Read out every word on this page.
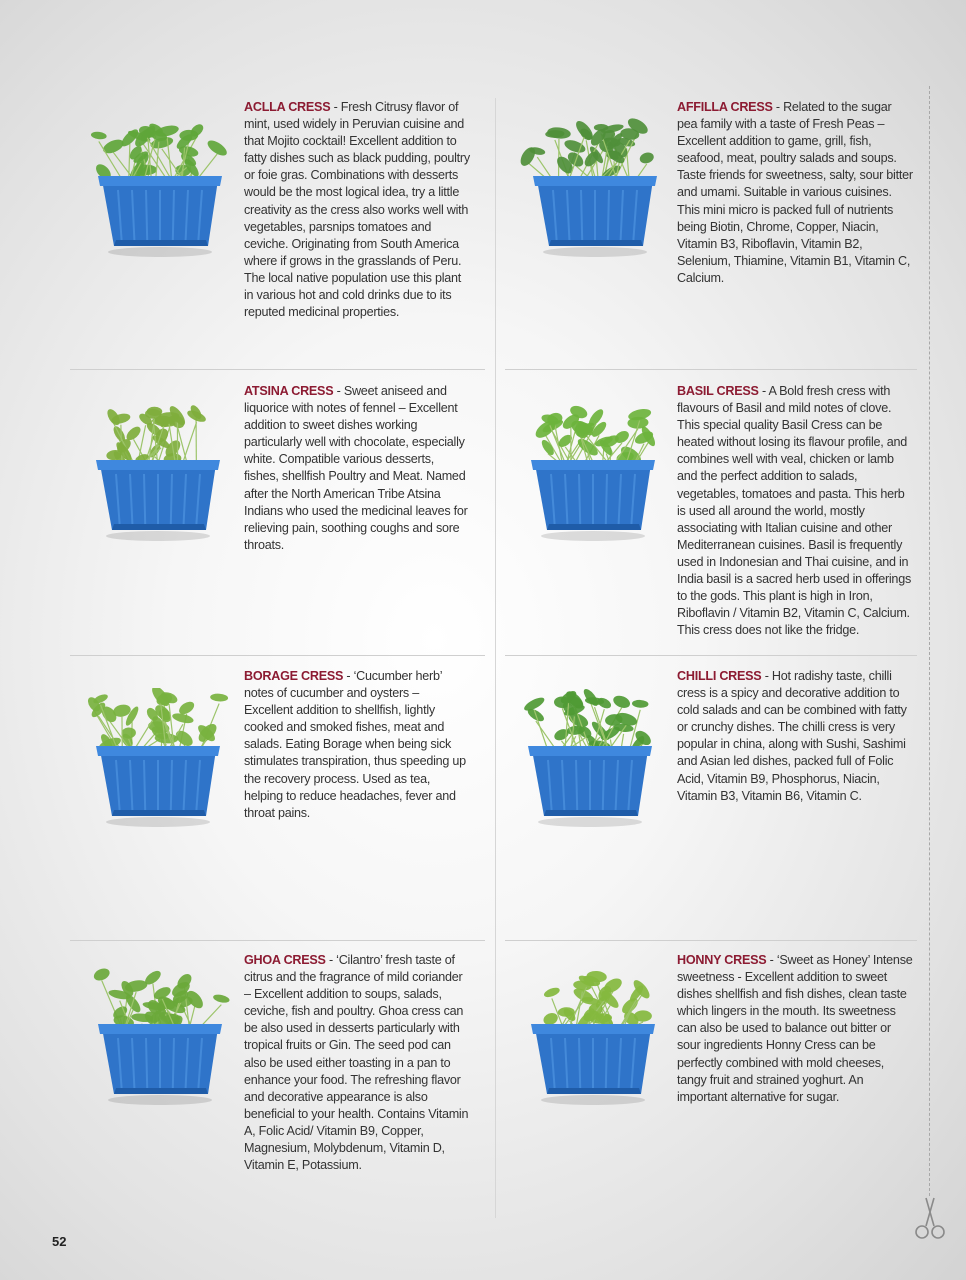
ACLLA CRESS - Fresh Citrusy flavor of mint, used widely in Peruvian cuisine and that Mojito cocktail! Excellent addition to fatty dishes such as black pudding, poultry or foie gras. Combinations with desserts would be the most logical idea, try a little creativity as the cress also works well with vegetables, parsnips tomatoes and ceviche. Originating from South America where if grows in the grasslands of Peru. The local native population use this plant in various hot and cold drinks due to its reputed medicinal properties.
AFFILLA CRESS - Related to the sugar pea family with a taste of Fresh Peas – Excellent addition to game, grill, fish, seafood, meat, poultry salads and soups. Taste friends for sweetness, salty, sour bitter and umami. Suitable in various cuisines. This mini micro is packed full of nutrients being Biotin, Chrome, Copper, Niacin, Vitamin B3, Riboflavin, Vitamin B2, Selenium, Thiamine, Vitamin B1, Vitamin C, Calcium.
ATSINA CRESS - Sweet aniseed and liquorice with notes of fennel – Excellent addition to sweet dishes working particularly well with chocolate, especially white. Compatible various desserts, fishes, shellfish Poultry and Meat. Named after the North American Tribe Atsina Indians who used the medicinal leaves for relieving pain, soothing coughs and sore throats.
BASIL CRESS - A Bold fresh cress with flavours of Basil and mild notes of clove. This special quality Basil Cress can be heated without losing its flavour profile, and combines well with veal, chicken or lamb and the perfect addition to salads, vegetables, tomatoes and pasta. This herb is used all around the world, mostly associating with Italian cuisine and other Mediterranean cuisines. Basil is frequently used in Indonesian and Thai cuisine, and in India basil is a sacred herb used in offerings to the gods. This plant is high in Iron, Riboflavin / Vitamin B2, Vitamin C, Calcium. This cress does not like the fridge.
BORAGE CRESS - ‘Cucumber herb’ notes of cucumber and oysters – Excellent addition to shellfish, lightly cooked and smoked fishes, meat and salads. Eating Borage when being sick stimulates transpiration, thus speeding up the recovery process. Used as tea, helping to reduce headaches, fever and throat pains.
CHILLI CRESS - Hot radishy taste, chilli cress is a spicy and decorative addition to cold salads and can be combined with fatty or crunchy dishes. The chilli cress is very popular in china, along with Sushi, Sashimi and Asian led dishes, packed full of Folic Acid, Vitamin B9, Phosphorus, Niacin, Vitamin B3, Vitamin B6, Vitamin C.
GHOA CRESS - ‘Cilantro’ fresh taste of citrus and the fragrance of mild coriander – Excellent addition to soups, salads, ceviche, fish and poultry. Ghoa cress can be also used in desserts particularly with tropical fruits or Gin. The seed pod can also be used either toasting in a pan to enhance your food. The refreshing flavor and decorative appearance is also beneficial to your health. Contains Vitamin A, Folic Acid/ Vitamin B9, Copper, Magnesium, Molybdenum, Vitamin D, Vitamin E, Potassium.
HONNY CRESS - ‘Sweet as Honey’ Intense sweetness - Excellent addition to sweet dishes shellfish and fish dishes, clean taste which lingers in the mouth. Its sweetness can also be used to balance out bitter or sour ingredients Honny Cress can be perfectly combined with mold cheeses, tangy fruit and strained yoghurt. An important alternative for sugar.
52
